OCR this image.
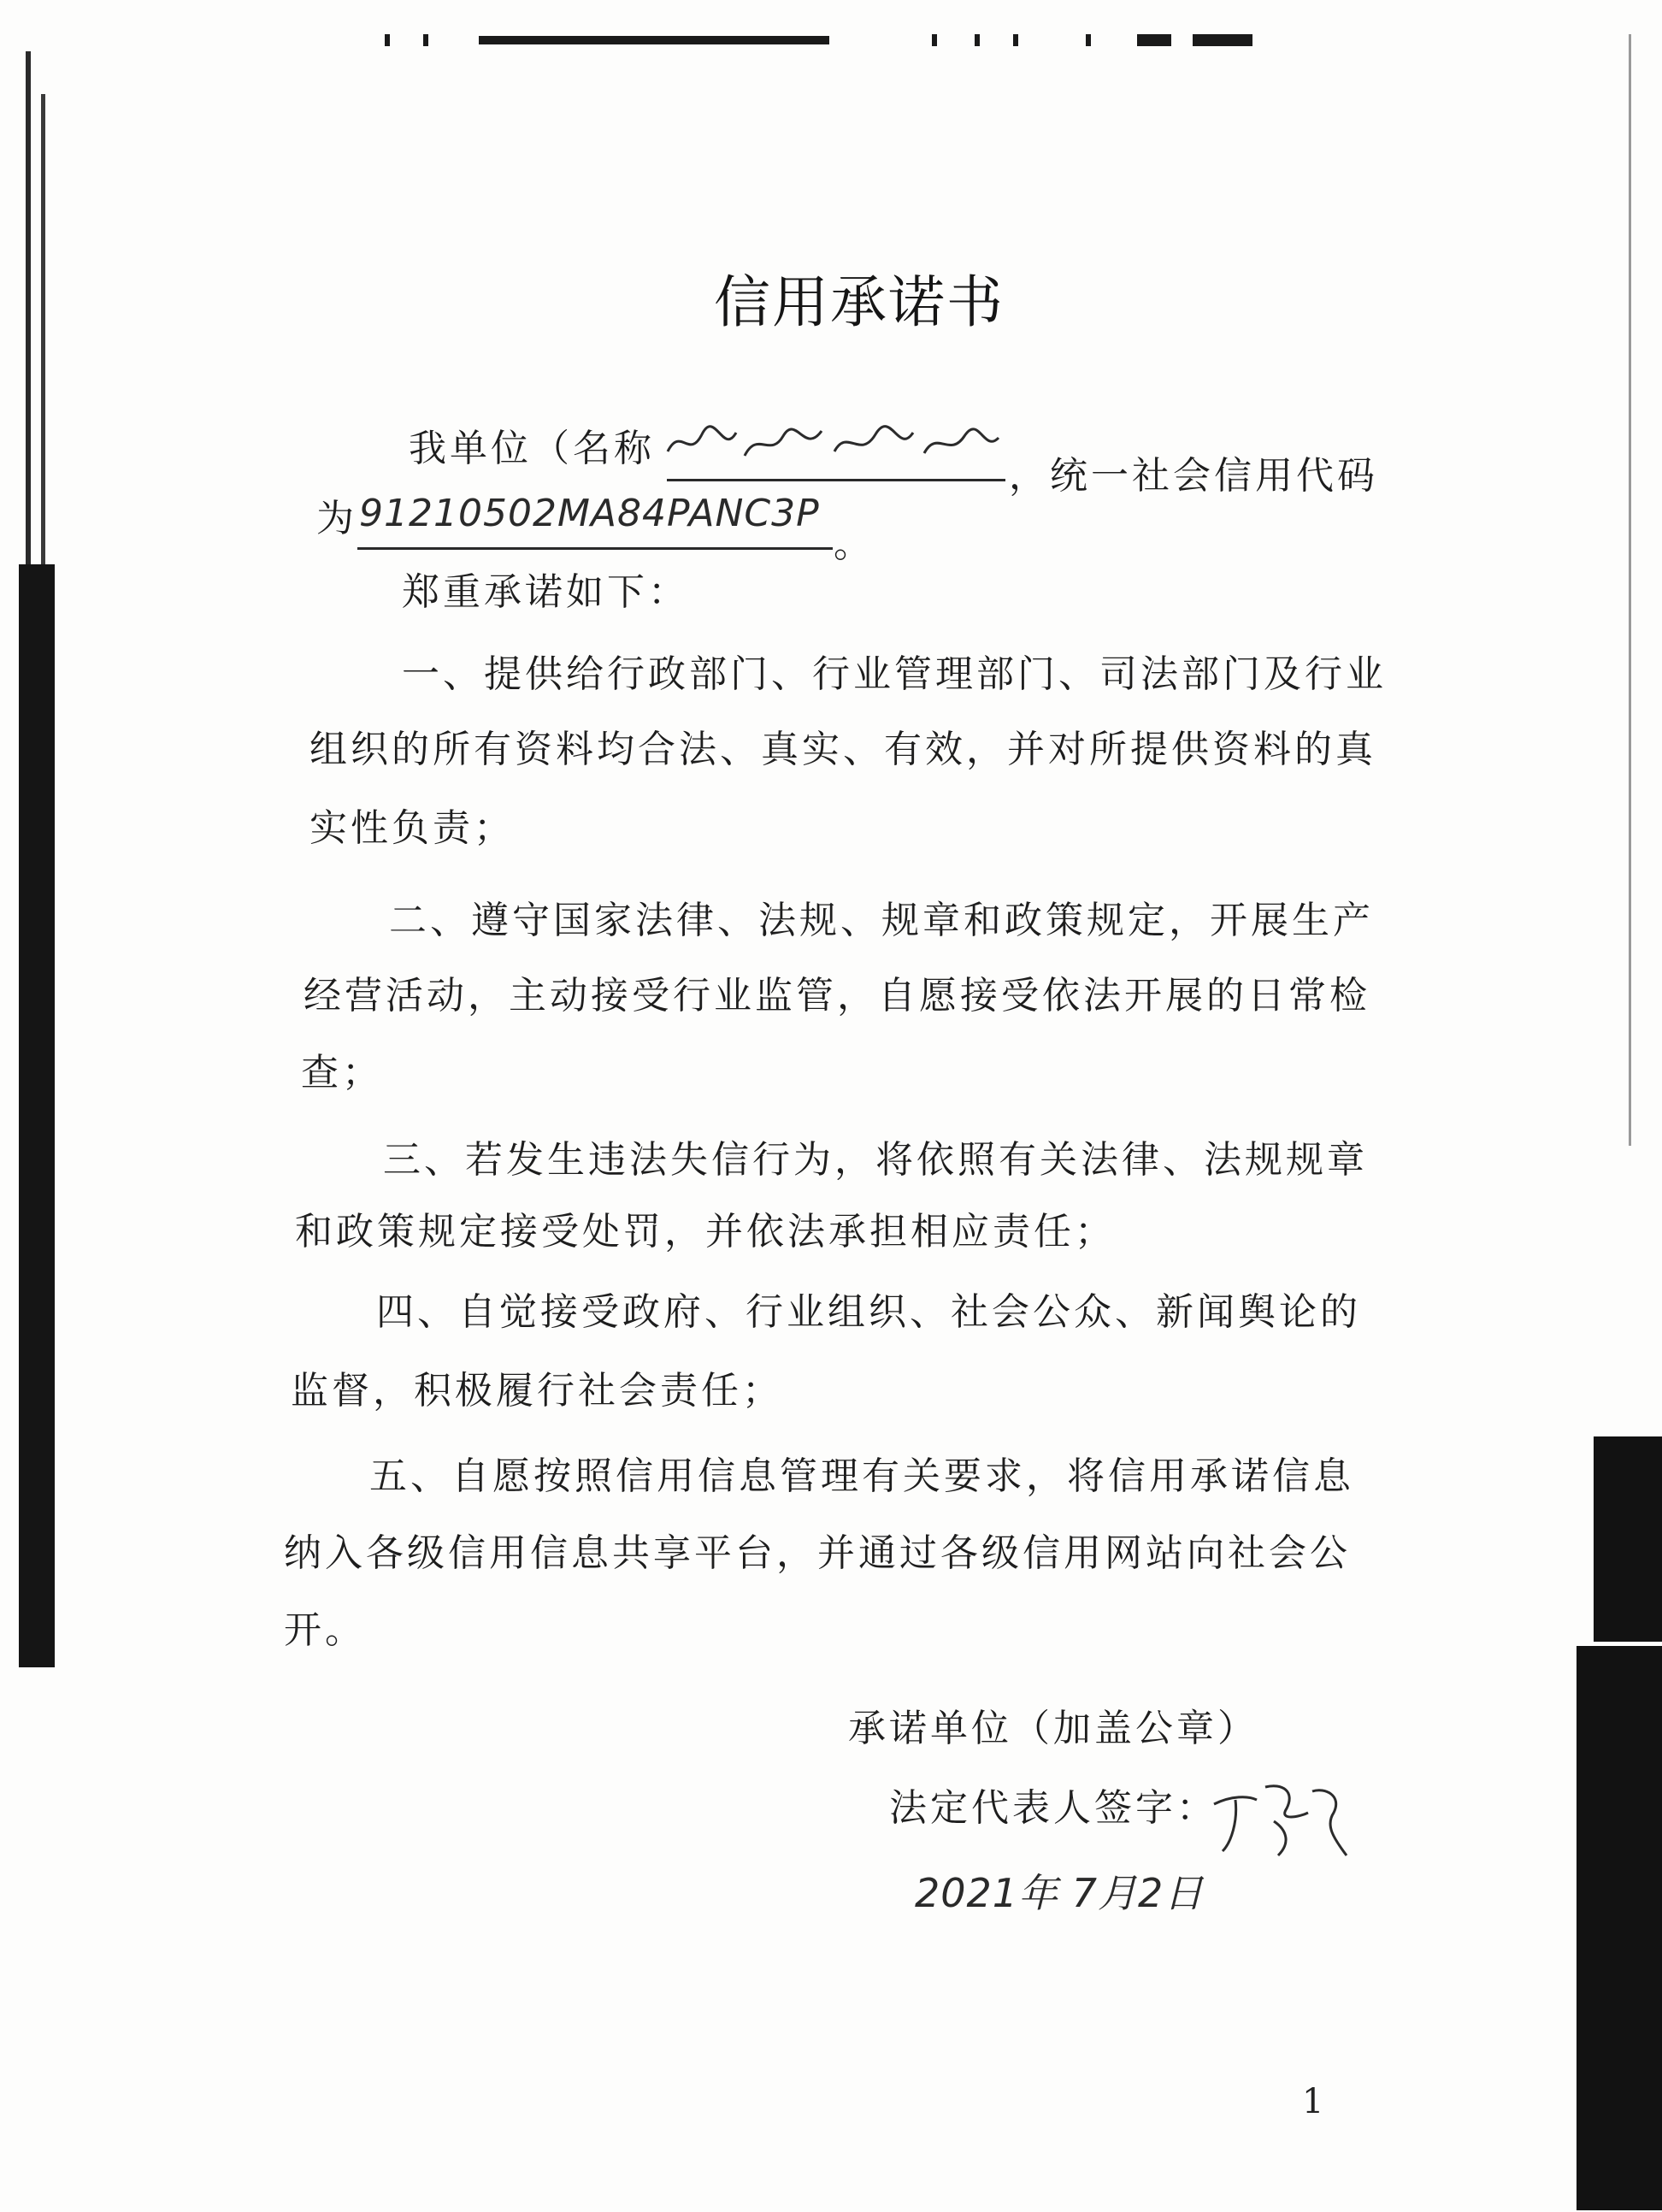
信用承诺书
我单位（名称
，统一社会信用代码
为 91210502MA84PANC3P
。
郑重承诺如下：
一、提供给行政部门、行业管理部门、司法部门及行业
组织的所有资料均合法、真实、有效，并对所提供资料的真
实性负责；
二、遵守国家法律、法规、规章和政策规定，开展生产
经营活动，主动接受行业监管，自愿接受依法开展的日常检
查；
三、若发生违法失信行为，将依照有关法律、法规规章
和政策规定接受处罚，并依法承担相应责任；
四、自觉接受政府、行业组织、社会公众、新闻舆论的
监督，积极履行社会责任；
五、自愿按照信用信息管理有关要求，将信用承诺信息
纳入各级信用信息共享平台，并通过各级信用网站向社会公
开。
承诺单位（加盖公章）
法定代表人签字：
2021年 7月2日
1
